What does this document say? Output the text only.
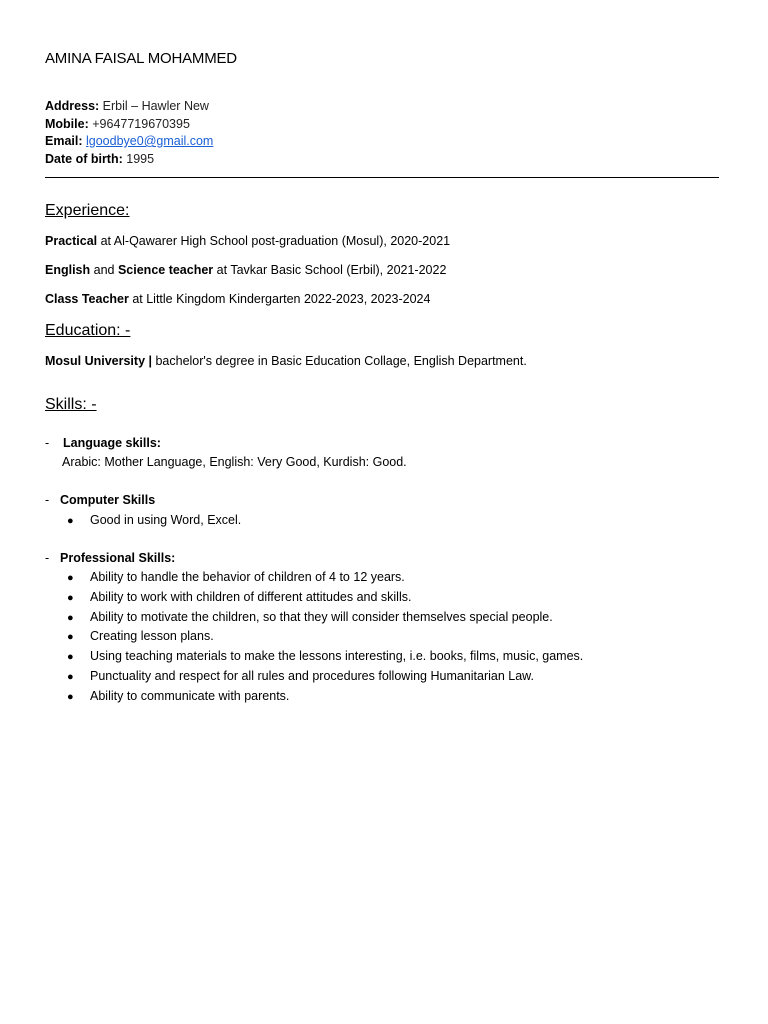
AMINA FAISAL MOHAMMED
Address: Erbil – Hawler New
Mobile: +9647719670395
Email: lgoodbye0@gmail.com
Date of birth: 1995
Experience:
Practical at Al-Qawarer High School post-graduation (Mosul), 2020-2021
English and Science teacher at Tavkar Basic School (Erbil), 2021-2022
Class Teacher at Little Kingdom Kindergarten 2022-2023, 2023-2024
Education: -
Mosul University | bachelor's degree in Basic Education Collage, English Department.
Skills: -
- Language skills:
Arabic: Mother Language, English: Very Good, Kurdish: Good.
- Computer Skills
● Good in using Word, Excel.
- Professional Skills:
● Ability to handle the behavior of children of 4 to 12 years.
● Ability to work with children of different attitudes and skills.
● Ability to motivate the children, so that they will consider themselves special people.
● Creating lesson plans.
● Using teaching materials to make the lessons interesting, i.e. books, films, music, games.
● Punctuality and respect for all rules and procedures following Humanitarian Law.
● Ability to communicate with parents.
